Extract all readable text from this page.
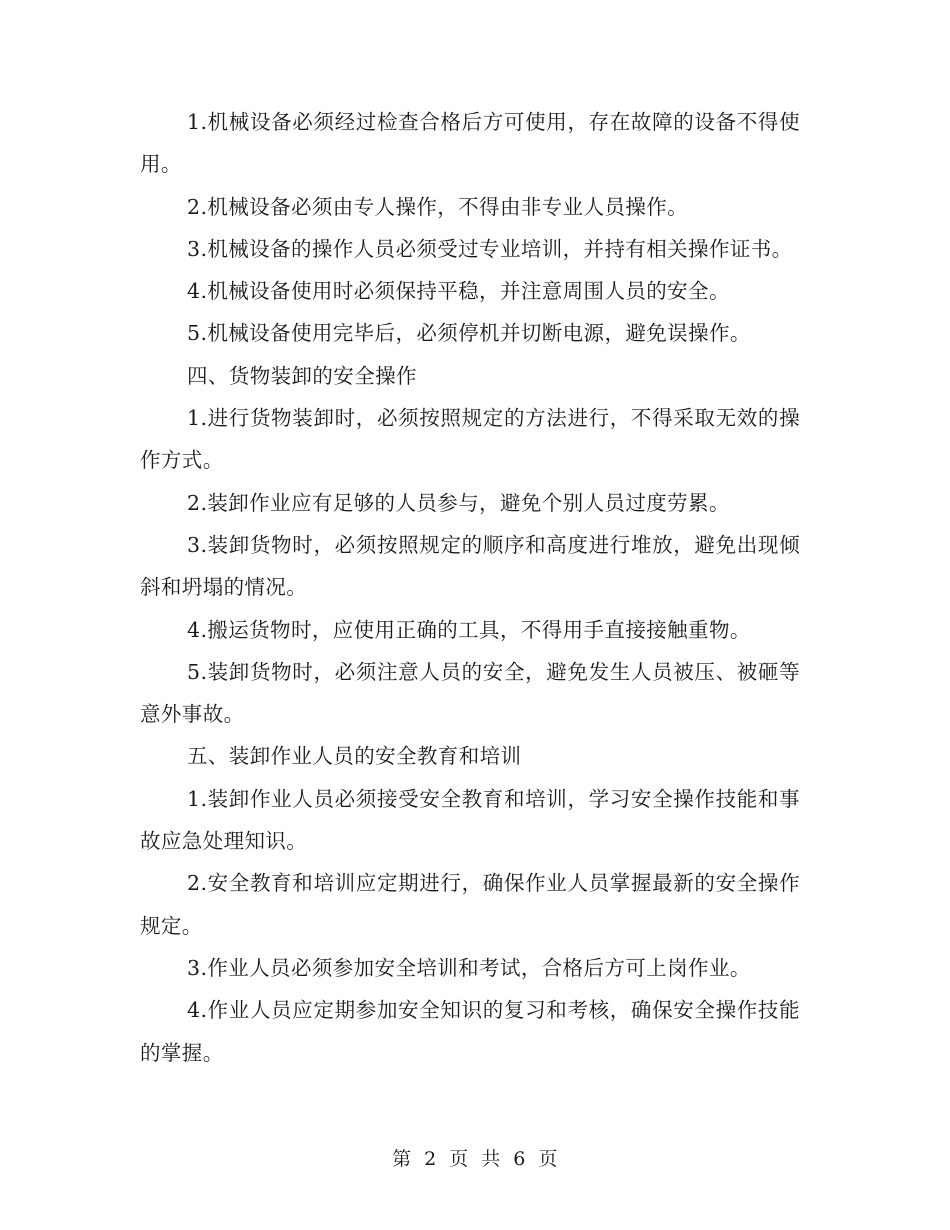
1.机械设备必须经过检查合格后方可使用，存在故障的设备不得使用。

2.机械设备必须由专人操作，不得由非专业人员操作。

3.机械设备的操作人员必须受过专业培训，并持有相关操作证书。

4.机械设备使用时必须保持平稳，并注意周围人员的安全。

5.机械设备使用完毕后，必须停机并切断电源，避免误操作。

四、货物装卸的安全操作

1.进行货物装卸时，必须按照规定的方法进行，不得采取无效的操作方式。

2.装卸作业应有足够的人员参与，避免个别人员过度劳累。

3.装卸货物时，必须按照规定的顺序和高度进行堆放，避免出现倾斜和坍塌的情况。

4.搬运货物时，应使用正确的工具，不得用手直接接触重物。

5.装卸货物时，必须注意人员的安全，避免发生人员被压、被砸等意外事故。

五、装卸作业人员的安全教育和培训

1.装卸作业人员必须接受安全教育和培训，学习安全操作技能和事故应急处理知识。

2.安全教育和培训应定期进行，确保作业人员掌握最新的安全操作规定。

3.作业人员必须参加安全培训和考试，合格后方可上岗作业。

4.作业人员应定期参加安全知识的复习和考核，确保安全操作技能的掌握。

第 2 页 共 6 页
